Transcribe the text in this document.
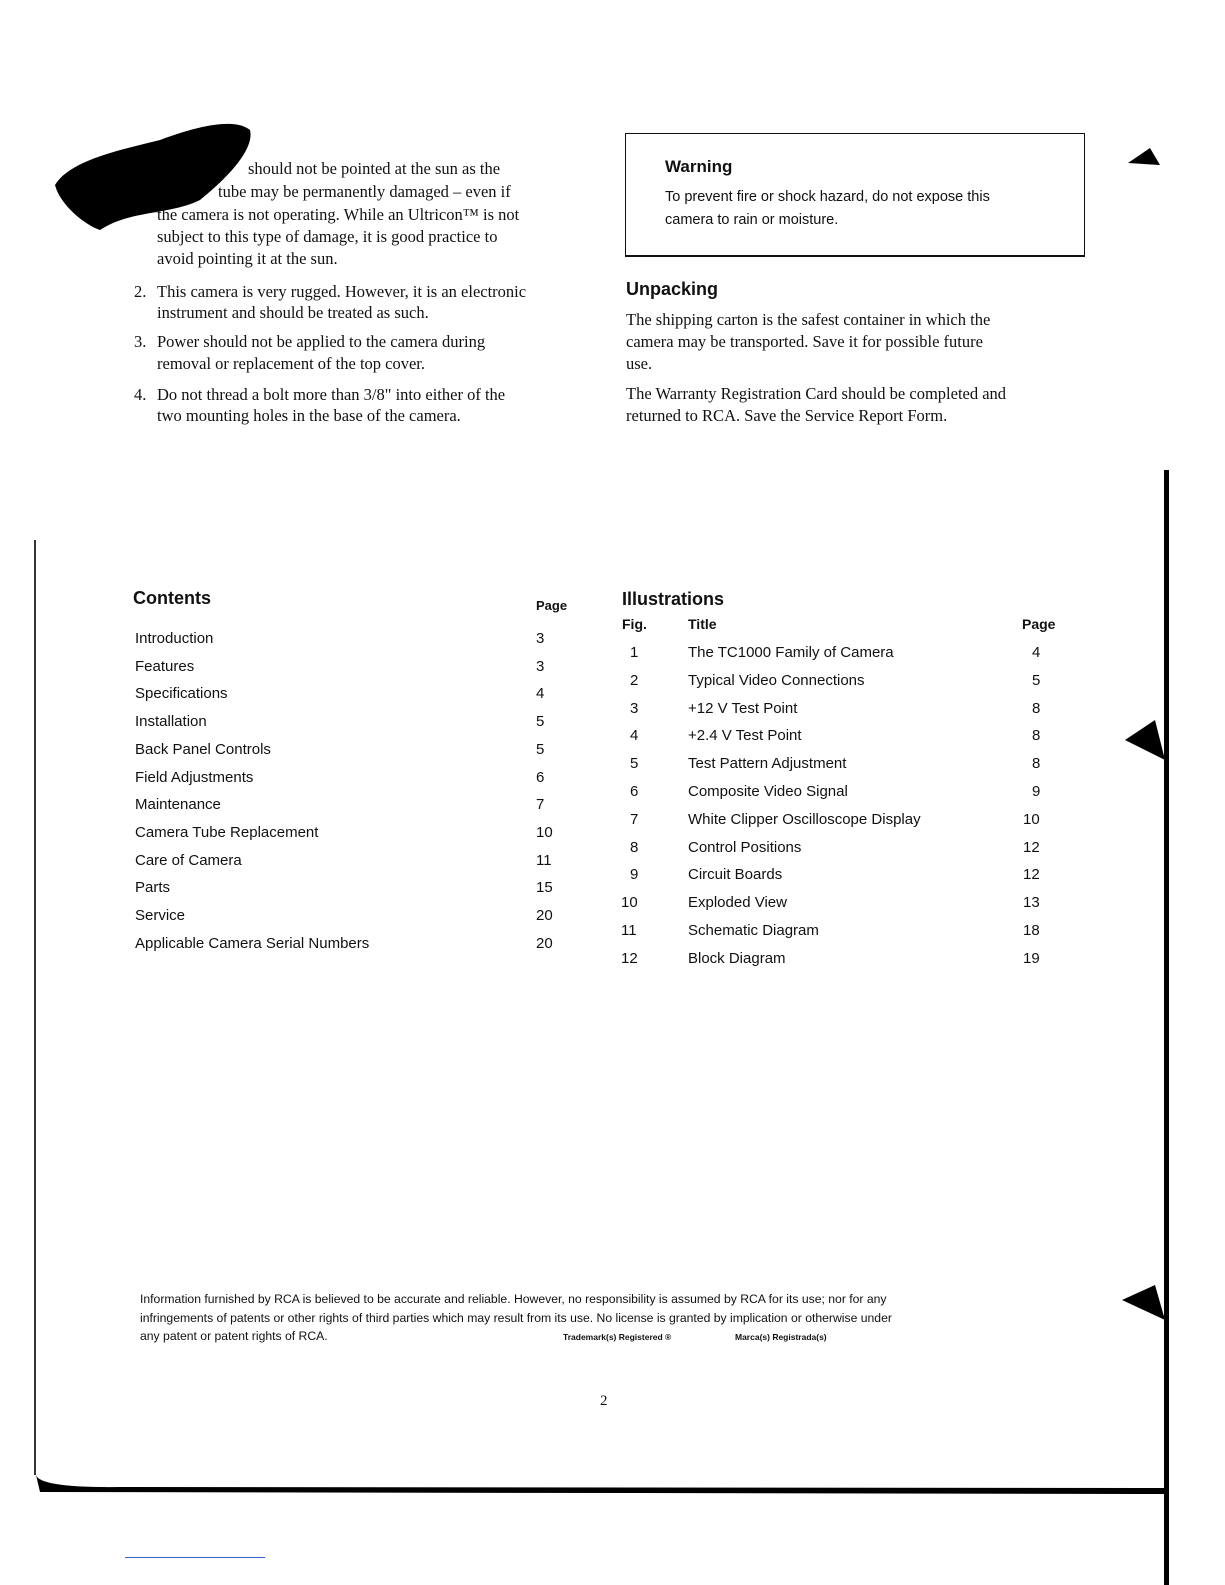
P
should not be pointed at the sun as the
tube may be permanently damaged – even if
the camera is not operating. While an Ultricon™ is not
subject to this type of damage, it is good practice to
avoid pointing it at the sun.
2. This camera is very rugged. However, it is an electronic
instrument and should be treated as such.
3. Power should not be applied to the camera during
removal or replacement of the top cover.
4. Do not thread a bolt more than 3/8" into either of the
two mounting holes in the base of the camera.
Warning
To prevent fire or shock hazard, do not expose this
camera to rain or moisture.
Unpacking
The shipping carton is the safest container in which the
camera may be transported. Save it for possible future
use.
The Warranty Registration Card should be completed and
returned to RCA. Save the Service Report Form.
Contents	Page	Illustrations
Fig.	Title	Page
Information furnished by RCA is believed to be accurate and reliable. However, no responsibility is assumed by RCA for its use; nor for any
infringements of patents or other rights of third parties which may result from its use. No license is granted by implication or otherwise under
any patent or patent rights of RCA.	Trademark(s) Registered ®	Marca(s) Registrada(s)
2
Introduction	3
Features	3
Specifications	4
Installation	5
Back Panel Controls	5
Field Adjustments	6
Maintenance	7
Camera Tube Replacement	10
Care of Camera	11
Parts	15
Service	20
Applicable Camera Serial Numbers	20
1	The TC1000 Family of Camera	4
2	Typical Video Connections	5
3	+12 V Test Point	8
4	+2.4 V Test Point	8
5	Test Pattern Adjustment	8
6	Composite Video Signal	9
7	White Clipper Oscilloscope Display	10
8	Control Positions	12
9	Circuit Boards	12
10	Exploded View	13
11	Schematic Diagram	18
12	Block Diagram	19
